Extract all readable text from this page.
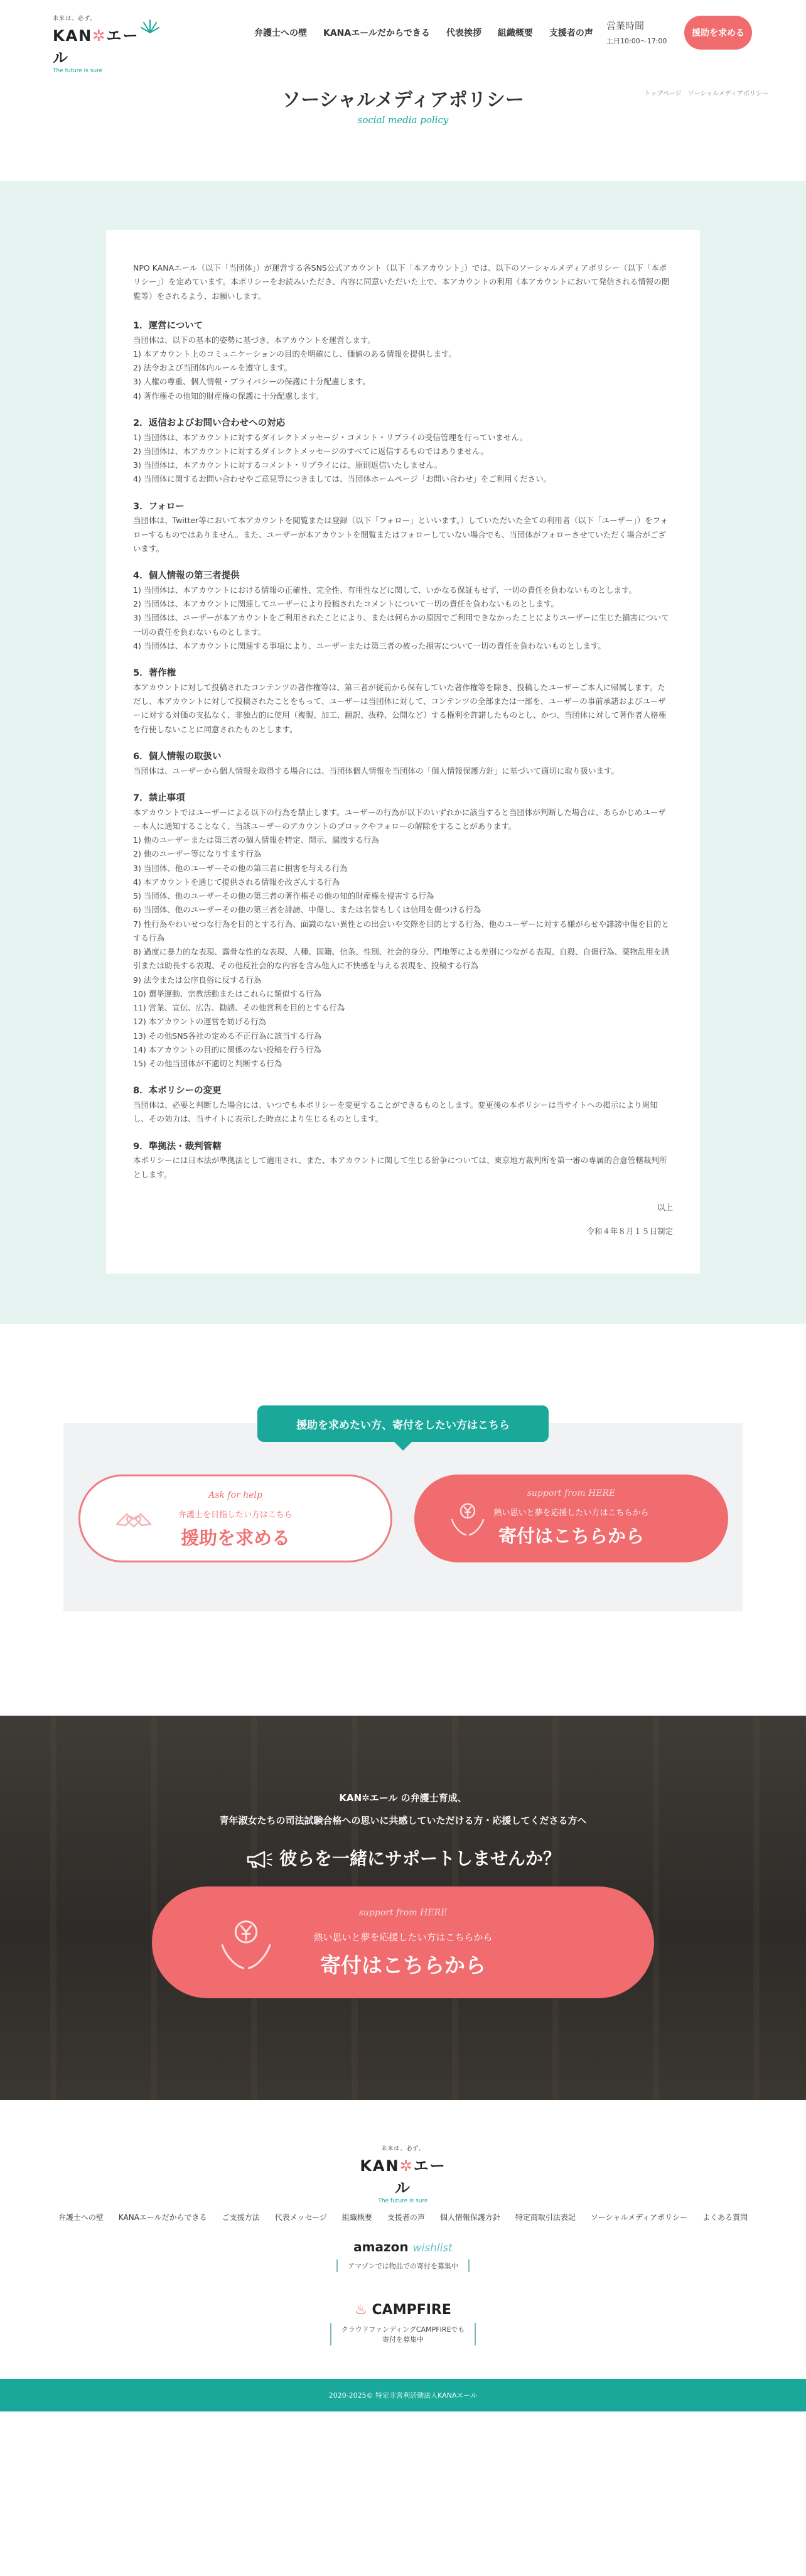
未来は、必ず。
KAN✲エール
The future is sure
弁護士への壁 KANAエールだからできる 代表挨拶 組織概要 支援者の声
営業時間
土日10:00〜17:00
援助を求める
ソーシャルメディアポリシー
social media policy
トップページ ソーシャルメディアポリシー

NPO KANAエール（以下「当団体」）が運営する各SNS公式アカウント（以下「本アカウント」）では、以下のソーシャルメディアポリシー（以下「本ポリシー」）を定めています。本ポリシーをお読みいただき、内容に同意いただいた上で、本アカウントの利用（本アカウントにおいて発信される情報の閲覧等）をされるよう、お願いします。

1．運営について

当団体は、以下の基本的姿勢に基づき、本アカウントを運営します。

1) 本アカウント上のコミュニケーションの目的を明確にし、価値のある情報を提供します。

2) 法令および当団体内ルールを遵守します。

3) 人権の尊重、個人情報・プライバシーの保護に十分配慮します。

4) 著作権その他知的財産権の保護に十分配慮します。

2．返信およびお問い合わせへの対応

1) 当団体は、本アカウントに対するダイレクトメッセージ・コメント・リプライの受信管理を行っていません。

2) 当団体は、本アカウントに対するダイレクトメッセージのすべてに返信するものではありません。

3) 当団体は、本アカウントに対するコメント・リプライには、原則返信いたしません。

4) 当団体に関するお問い合わせやご意見等につきましては、当団体ホームページ「お問い合わせ」をご利用ください。

3．フォロー

当団体は、Twitter等において本アカウントを閲覧または登録（以下「フォロー」といいます。）していただいた全ての利用者（以下「ユーザー」）をフォローするものではありません。また、ユーザーが本アカウントを閲覧またはフォローしていない場合でも、当団体がフォローさせていただく場合がございます。

4．個人情報の第三者提供

1) 当団体は、本アカウントにおける情報の正確性、完全性、有用性などに関して、いかなる保証もせず、一切の責任を負わないものとします。

2) 当団体は、本アカウントに関連してユーザーにより投稿されたコメントについて一切の責任を負わないものとします。

3) 当団体は、ユーザーが本アカウントをご利用されたことにより、または何らかの原因でご利用できなかったことによりユーザーに生じた損害について一切の責任を負わないものとします。

4) 当団体は、本アカウントに関連する事項により、ユーザーまたは第三者の被った損害について一切の責任を負わないものとします。

5．著作権

本アカウントに対して投稿されたコンテンツの著作権等は、第三者が従前から保有していた著作権等を除き、投稿したユーザーご本人に帰属します。ただし、本アカウントに対して投稿されたことをもって、ユーザーは当団体に対して、コンテンツの全部または一部を、ユーザーの事前承諾およびユーザーに対する対価の支払なく、非独占的に使用（複製、加工、翻訳、抜粋、公開など）する権利を許諾したものとし、かつ、当団体に対して著作者人格権を行使しないことに同意されたものとします。

6．個人情報の取扱い

当団体は、ユーザーから個人情報を取得する場合には、当団体個人情報を当団体の「個人情報保護方針」に基づいて適切に取り扱います。

7．禁止事項

本アカウントではユーザーによる以下の行為を禁止します。ユーザーの行為が以下のいずれかに該当すると当団体が判断した場合は、あらかじめユーザー本人に通知することなく、当該ユーザーのアカウントのブロックやフォローの解除をすることがあります。

1) 他のユーザーまたは第三者の個人情報を特定、開示、漏洩する行為

2) 他のユーザー等になりすます行為

3) 当団体、他のユーザーその他の第三者に損害を与える行為

4) 本アカウントを通じて提供される情報を改ざんする行為

5) 当団体、他のユーザーその他の第三者の著作権その他の知的財産権を侵害する行為

6) 当団体、他のユーザーその他の第三者を誹謗、中傷し、または名誉もしくは信用を傷つける行為

7) 性行為やわいせつな行為を目的とする行為、面識のない異性との出会いや交際を目的とする行為、他のユーザーに対する嫌がらせや誹謗中傷を目的とする行為

8) 過度に暴力的な表現、露骨な性的な表現、人種、国籍、信条、性別、社会的身分、門地等による差別につながる表現、自殺、自傷行為、薬物乱用を誘引または助長する表現、その他反社会的な内容を含み他人に不快感を与える表現を、投稿する行為

9) 法令または公序良俗に反する行為

10) 選挙運動、宗教活動またはこれらに類似する行為

11) 営業、宣伝、広告、勧誘、その他営利を目的とする行為

12) 本アカウントの運営を妨げる行為

13) その他SNS各社の定める不正行為に該当する行為

14) 本アカウントの目的に関係のない投稿を行う行為

15) その他当団体が不適切と判断する行為

8．本ポリシーの変更

当団体は、必要と判断した場合には、いつでも本ポリシーを変更することができるものとします。変更後の本ポリシーは当サイトへの掲示により周知し、その効力は、当サイトに表示した時点により生じるものとします。

9．準拠法・裁判管轄

本ポリシーには日本法が準拠法として適用され、また、本アカウントに関して生じる紛争については、東京地方裁判所を第一審の専属的合意管轄裁判所とします。

以上

令和４年８月１５日制定

援助を求めたい方、寄付をしたい方はこちら
Ask for help
弁護士を目指したい方はこちら
援助を求める
support from HERE
熱い思いと夢を応援したい方はこちらから
寄付はこちらから
KAN✲エール の弁護士育成、
青年淑女たちの司法試験合格への思いに共感していただける方・応援してくださる方へ
彼らを一緒にサポートしませんか？
support from HERE
熱い思いと夢を応援したい方はこちらから
寄付はこちらから
未来は、必ず。
KAN✲エール
The future is sure
弁護士への壁 KANAエールだからできる ご支援方法 代表メッセージ 組織概要 支援者の声 個人情報保護方針 特定商取引法表記 ソーシャルメディアポリシー よくある質問
amazon wishlist
アマゾンでは物品での寄付を募集中
♨ CAMPFIRE
クラウドファンディングCAMPFIREでも
寄付を募集中
2020-2025© 特定非営利活動法人KANAエール
